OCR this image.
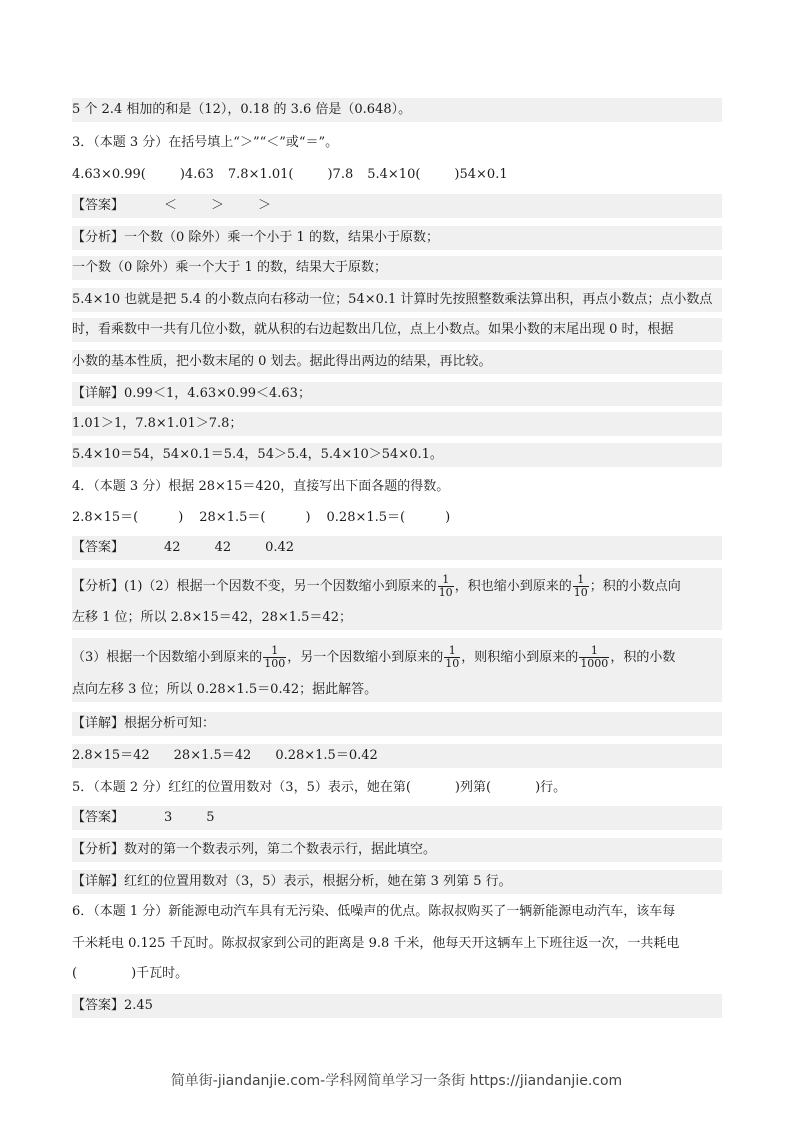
5 个 2.4 相加的和是（12），0.18 的 3.6 倍是（0.648）。
3．（本题 3 分）在括号填上“＞”“＜”或“＝”。
4.63×0.99(	)4.63 7.8×1.01(	)7.8 5.4×10(	)54×0.1
【答案】	＜	＞	＞
【分析】一个数（0 除外）乘一个小于 1 的数，结果小于原数；
一个数（0 除外）乘一个大于 1 的数，结果大于原数；
5.4×10 也就是把 5.4 的小数点向右移动一位；54×0.1 计算时先按照整数乘法算出积，再点小数点；点小数点
时，看乘数中一共有几位小数，就从积的右边起数出几位，点上小数点。如果小数的末尾出现 0 时，根据
小数的基本性质，把小数末尾的 0 划去。据此得出两边的结果，再比较。
【详解】0.99＜1，4.63×0.99＜4.63；
1.01＞1，7.8×1.01＞7.8；
5.4×10＝54，54×0.1＝5.4，54＞5.4，5.4×10＞54×0.1。
4．（本题 3 分）根据 28×15＝420，直接写出下面各题的得数。
2.8×15＝(	) 28×1.5＝(	) 0.28×1.5＝(	)
【答案】	42	42	0.42
【分析】(1)（2）根据一个因数不变，另一个因数缩小到原来的 $\frac{1}{10}$ ，积也缩小到原来的 $\frac{1}{10}$ ；积的小数点向
左移 1 位；所以 2.8×15＝42，28×1.5＝42；
（3）根据一个因数缩小到原来的 $\frac{1}{100}$ ，另一个因数缩小到原来的 $\frac{1}{10}$ ，则积缩小到原来的 $\frac{1}{1000}$ ，积的小数
点向左移 3 位；所以 0.28×1.5＝0.42；据此解答。
【详解】根据分析可知：
2.8×15＝42 28×1.5＝42 0.28×1.5＝0.42
5．（本题 2 分）红红的位置用数对（3，5）表示，她在第(	)列第(	)行。
【答案】	3	5
【分析】数对的第一个数表示列，第二个数表示行，据此填空。
【详解】红红的位置用数对（3，5）表示，根据分析，她在第 3 列第 5 行。
6．（本题 1 分）新能源电动汽车具有无污染、低噪声的优点。陈叔叔购买了一辆新能源电动汽车，该车每
千米耗电 0.125 千瓦时。陈叔叔家到公司的距离是 9.8 千米，他每天开这辆车上下班往返一次，一共耗电
(	)千瓦时。
【答案】2.45
简单街-jiandanjie.com-学科网简单学习一条街 https://jiandanjie.com
